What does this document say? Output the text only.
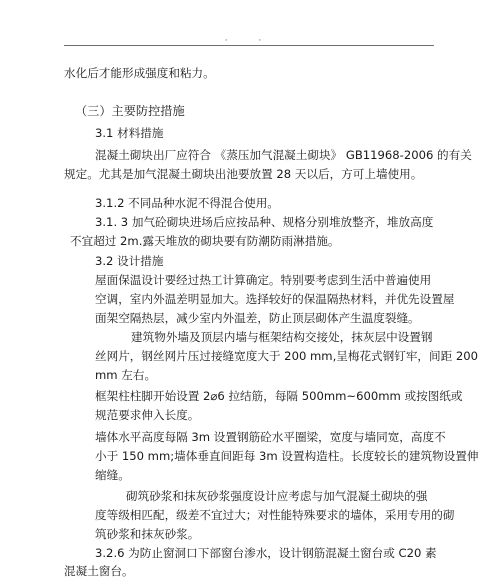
· ·
水化后才能形成强度和粘力。
（三）主要防控措施
3.1 材料措施
混凝土砌块出厂应符合 《蒸压加气混凝土砌块》 GB11968-2006 的有关
规定。尤其是加气混凝土砌块出池要放置 28 天以后，方可上墙使用。
3.1.2 不同品种水泥不得混合使用。
3.1. 3 加气砼砌块进场后应按品种、规格分别堆放整齐，堆放高度
不宜超过 2m.露天堆放的砌块要有防潮防雨淋措施。
3.2 设计措施
屋面保温设计要经过热工计算确定。特别要考虑到生活中普遍使用
空调，室内外温差明显加大。选择较好的保温隔热材料，并优先设置屋
面架空隔热层，减少室内外温差，防止顶层砌体产生温度裂缝。
建筑物外墙及顶层内墙与框架结构交接处，抹灰层中设置钢
丝网片，钢丝网片压过接缝宽度大于 200 mm,呈梅花式钢钉牢，间距 200
mm 左右。
框架柱柱脚开始设置 2⌀6 拉结筋，每隔 500mm~600mm 或按图纸或
规范要求伸入长度。
墙体水平高度每隔 3m 设置钢筋砼水平圈梁，宽度与墙同宽，高度不
小于 150 mm;墙体垂直间距每 3m 设置构造柱。长度较长的建筑物设置伸
缩缝。
砌筑砂浆和抹灰砂浆强度设计应考虑与加气混凝土砌块的强
度等级相匹配，级差不宜过大；对性能特殊要求的墙体，采用专用的砌
筑砂浆和抹灰砂浆。
3.2.6 为防止窗洞口下部窗台渗水，设计钢筋混凝土窗台或 C20 素
混凝土窗台。
